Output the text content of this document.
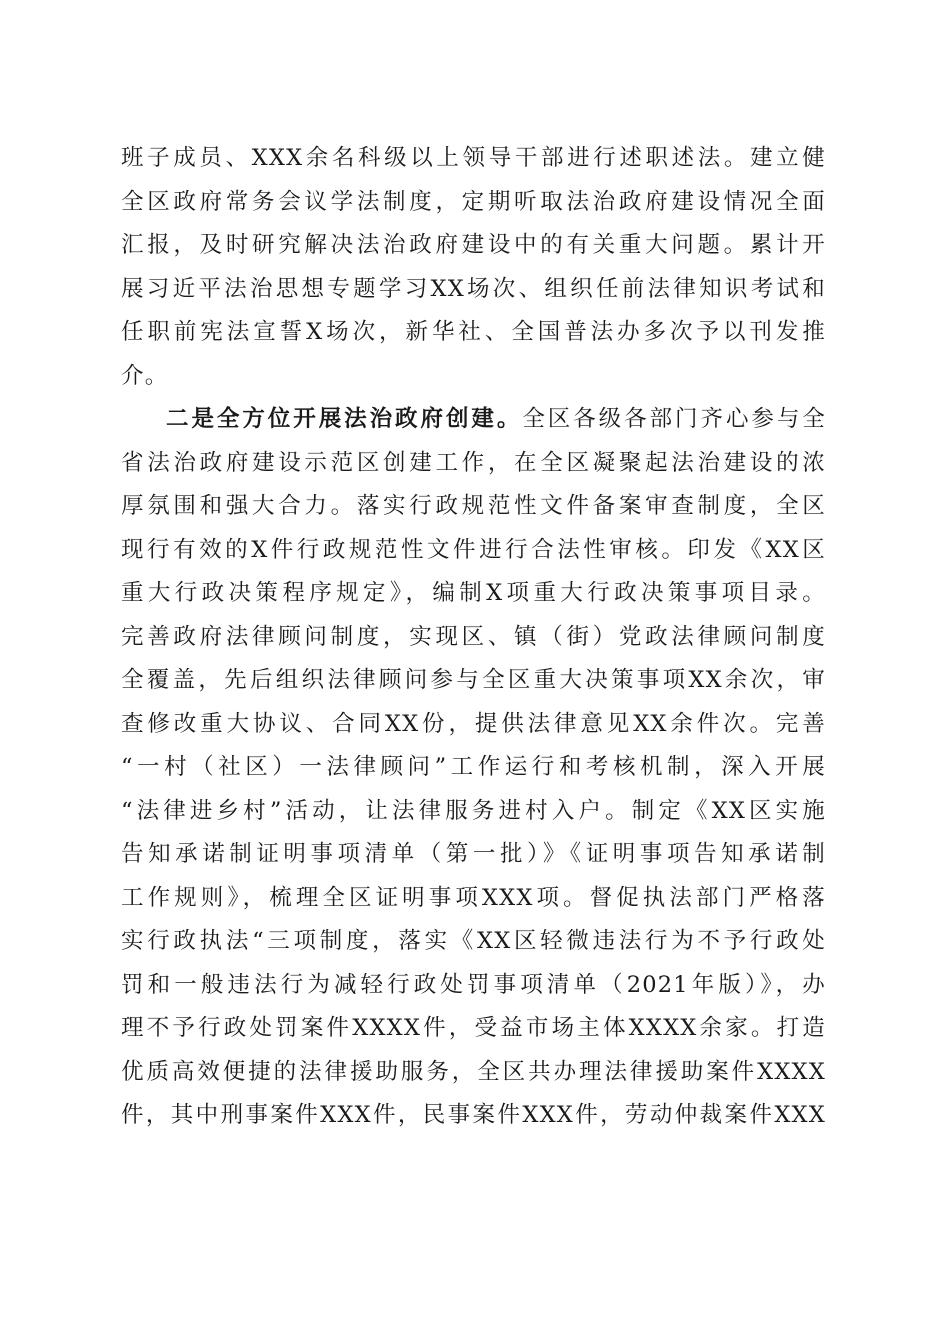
班子成员、XXX余名科级以上领导干部进行述职述法。建立健
全区政府常务会议学法制度，定期听取法治政府建设情况全面
汇报，及时研究解决法治政府建设中的有关重大问题。累计开
展习近平法治思想专题学习XX场次、组织任前法律知识考试和
任职前宪法宣誓X场次，新华社、全国普法办多次予以刊发推
介。
二是全方位开展法治政府创建。全区各级各部门齐心参与全
省法治政府建设示范区创建工作，在全区凝聚起法治建设的浓
厚氛围和强大合力。落实行政规范性文件备案审查制度，全区
现行有效的X件行政规范性文件进行合法性审核。印发《XX区
重大行政决策程序规定》，编制X项重大行政决策事项目录。
完善政府法律顾问制度，实现区、镇（街）党政法律顾问制度
全覆盖，先后组织法律顾问参与全区重大决策事项XX余次，审
查修改重大协议、合同XX份，提供法律意见XX余件次。完善
“一村（社区）一法律顾问”工作运行和考核机制，深入开展
“法律进乡村”活动，让法律服务进村入户。制定《XX区实施
告知承诺制证明事项清单（第一批）》《证明事项告知承诺制
工作规则》，梳理全区证明事项XXX项。督促执法部门严格落
实行政执法“三项制度，落实《XX区轻微违法行为不予行政处
罚和一般违法行为减轻行政处罚事项清单（2021年版）》，办
理不予行政处罚案件XXXX件，受益市场主体XXXX余家。打造
优质高效便捷的法律援助服务，全区共办理法律援助案件XXXX
件，其中刑事案件XXX件，民事案件XXX件，劳动仲裁案件XXX
